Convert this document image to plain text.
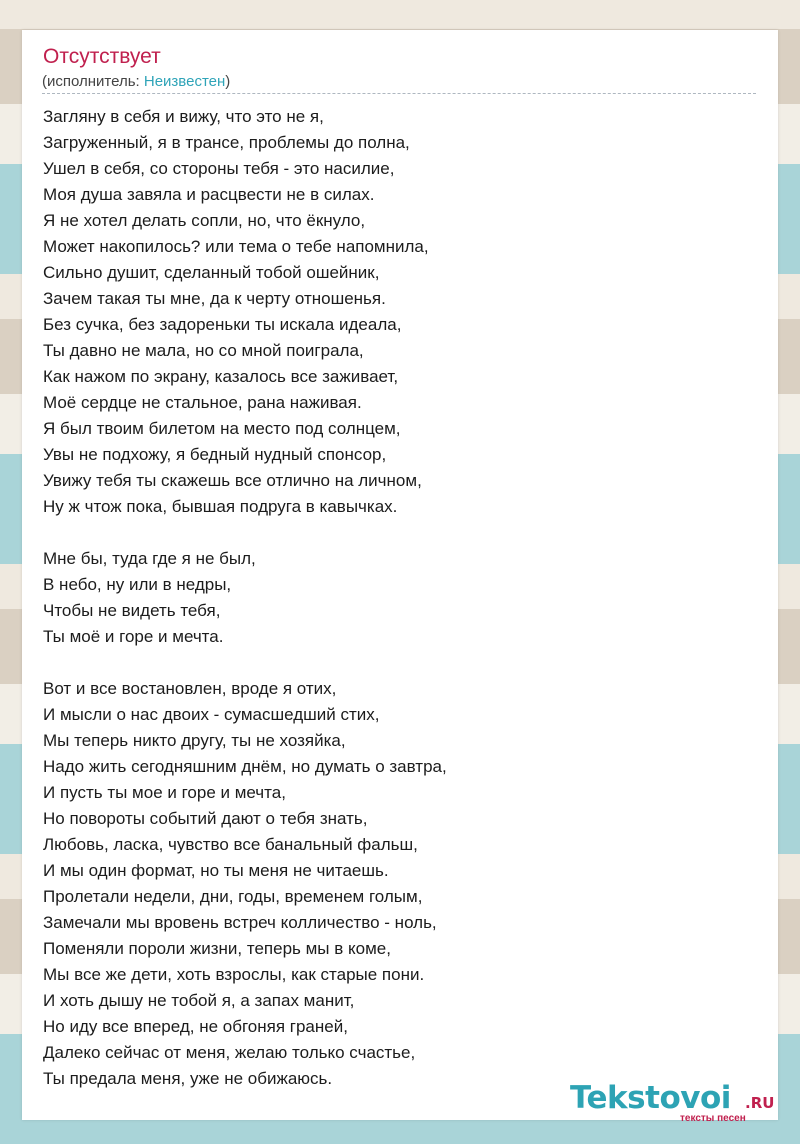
Отсутствует
(исполнитель: Неизвестен)
Загляну в себя и вижу, что это не я,
Загруженный, я в трансе, проблемы до полна,
Ушел в себя, со стороны тебя - это насилие,
Моя душа завяла и расцвести не в силах.
Я не хотел делать сопли, но, что ёкнуло,
Может накопилось? или тема о тебе напомнила,
Сильно душит, сделанный тобой ошейник,
Зачем такая ты мне, да к черту отношенья.
Без сучка, без задореньки ты искала идеала,
Ты давно не мала, но со мной поиграла,
Как нажом по экрану, казалось все заживает,
Моё сердце не стальное, рана наживая.
Я был твоим билетом на место под солнцем,
Увы не подхожу, я бедный нудный спонсор,
Увижу тебя ты скажешь все отлично на личном,
Ну ж чтож пока, бывшая подруга в кавычках.
Мне бы, туда где я не был,
В небо, ну или в недры,
Чтобы не видеть тебя,
Ты моё и горе и мечта.
Вот и все востановлен, вроде я отих,
И мысли о нас двоих - сумасшедший стих,
Мы теперь никто другу, ты не хозяйка,
Надо жить сегодняшним днём, но думать о завтра,
И пусть ты мое и горе и мечта,
Но повороты событий дают о тебя знать,
Любовь, ласка, чувство все банальный фальш,
И мы один формат, но ты меня не читаешь.
Пролетали недели, дни, годы, временем голым,
Замечали мы вровень встреч колличество - ноль,
Поменяли пороли жизни, теперь мы в коме,
Мы все же дети, хоть взрослы, как старые пони.
И хоть дышу не тобой я, а запах манит,
Но иду все вперед, не обгоняя граней,
Далеко сейчас от меня, желаю только счастье,
Ты предала меня, уже не обижаюсь.
Tekstovoi .RU
тексты песен
